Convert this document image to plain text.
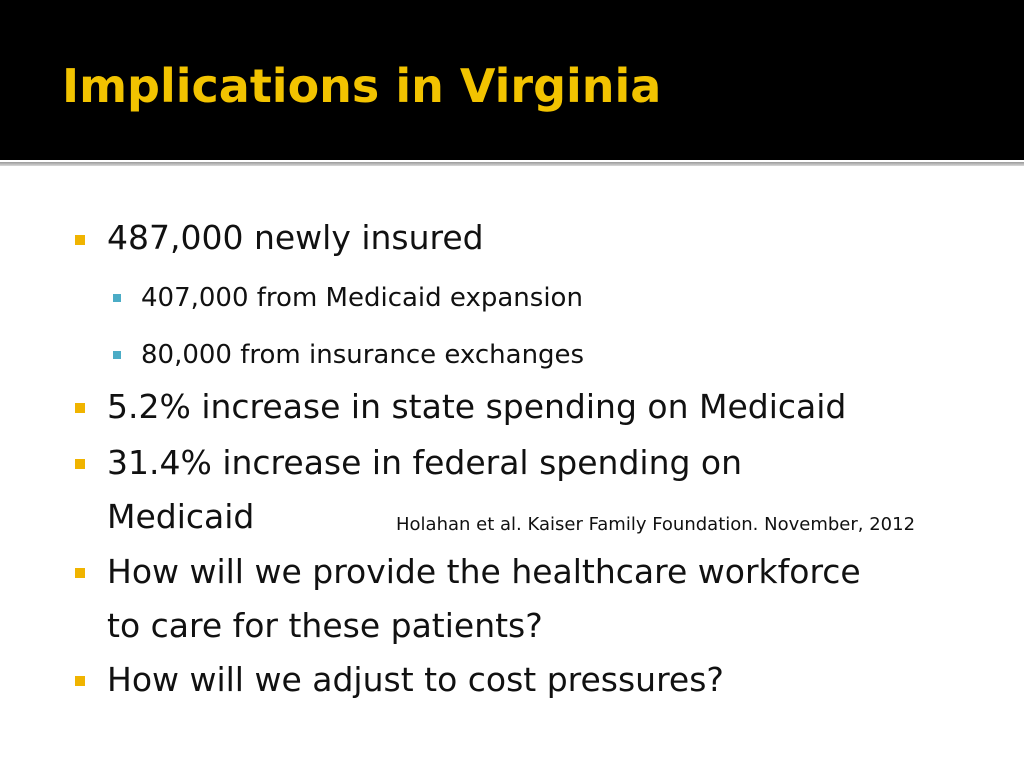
Implications in Virginia
487,000 newly insured
407,000 from Medicaid expansion
80,000 from insurance exchanges
5.2% increase in state spending on Medicaid
31.4% increase in federal spending on
Medicaid	Holahan et al. Kaiser Family Foundation. November, 2012
How will we provide the healthcare workforce
to care for these patients?
How will we adjust to cost pressures?
